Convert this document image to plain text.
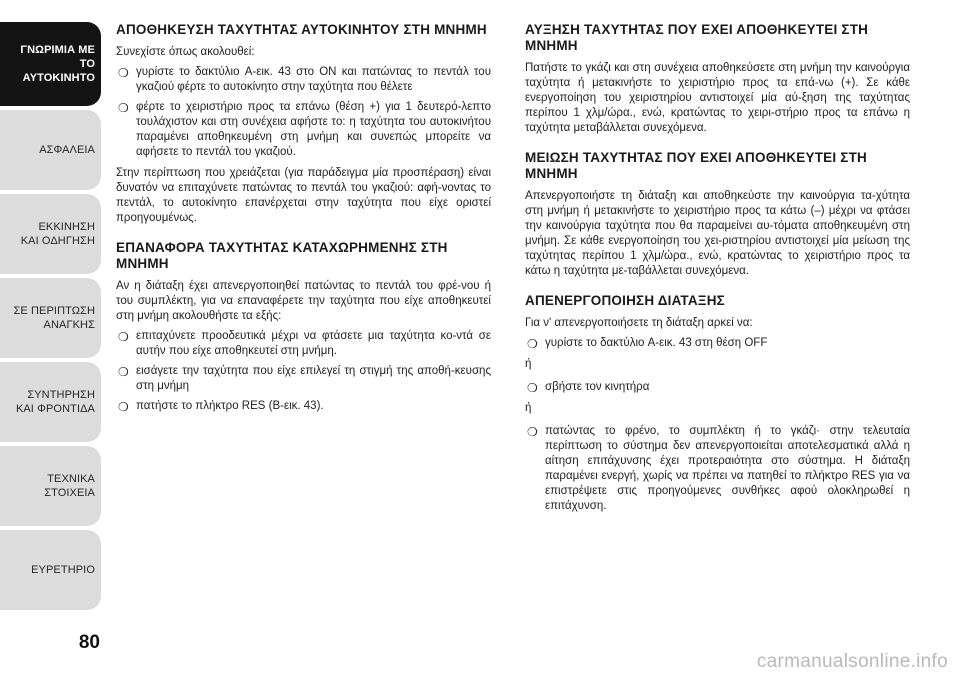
ΓΝΩΡΙΜΙΑ ΜΕ ΤΟ
ΑΥΤΟΚΙΝΗΤΟ
ΑΣΦΑΛΕΙΑ
ΕΚΚΙΝΗΣΗ
ΚΑΙ ΟΔΗΓΗΣΗ
ΣΕ ΠΕΡΙΠΤΩΣΗ
ΑΝΑΓΚΗΣ
ΣΥΝΤΗΡΗΣΗ
ΚΑΙ ΦΡΟΝΤΙΔΑ
ΤΕΧΝΙΚΑ
ΣΤΟΙΧΕΙΑ
ΕΥΡΕΤΗΡΙΟ
80
ΑΠΟΘΗΚΕΥΣΗ ΤΑΧΥΤΗΤΑΣ ΑΥΤΟΚΙΝΗΤΟΥ ΣΤΗ ΜΝΗΜΗ

Συνεχίστε όπως ακολουθεί:

❍ γυρίστε το δακτύλιο A-εικ. 43 στο ON και πατώντας το πεντάλ του γκαζιού φέρτε το αυτοκίνητο στην ταχύτητα που θέλετε
❍ φέρτε το χειριστήριο προς τα επάνω (θέση +) για 1 δευτερό-λεπτο τουλάχιστον και στη συνέχεια αφήστε το: η ταχύτητα του αυτοκινήτου παραμένει αποθηκευμένη στη μνήμη και συνεπώς μπορείτε να αφήσετε το πεντάλ του γκαζιού.

Στην περίπτωση που χρειάζεται (για παράδειγμα μία προσπέραση) είναι δυνατόν να επιταχύνετε πατώντας το πεντάλ του γκαζιού: αφή-νοντας το πεντάλ, το αυτοκίνητο επανέρχεται στην ταχύτητα που είχε οριστεί προηγουμένως.

ΕΠΑΝΑΦΟΡΑ ΤΑΧΥΤΗΤΑΣ ΚΑΤΑΧΩΡΗΜΕΝΗΣ ΣΤΗ ΜΝΗΜΗ

Αν η διάταξη έχει απενεργοποιηθεί πατώντας το πεντάλ του φρέ-νου ή του συμπλέκτη, για να επαναφέρετε την ταχύτητα που είχε αποθηκευτεί στη μνήμη ακολουθήστε τα εξής:

❍ επιταχύνετε προοδευτικά μέχρι να φτάσετε μια ταχύτητα κο-ντά σε αυτήν που είχε αποθηκευτεί στη μνήμη.
❍ εισάγετε την ταχύτητα που είχε επιλεγεί τη στιγμή της αποθή-κευσης στη μνήμη
❍ πατήστε το πλήκτρο RES (B-εικ. 43).
ΑΥΞΗΣΗ ΤΑΧΥΤΗΤΑΣ ΠΟΥ ΕΧΕΙ ΑΠΟΘΗΚΕΥΤΕΙ ΣΤΗ ΜΝΗΜΗ

Πατήστε το γκάζι και στη συνέχεια αποθηκεύσετε στη μνήμη την καινούργια ταχύτητα ή μετακινήστε το χειριστήριο προς τα επά-νω (+). Σε κάθε ενεργοποίηση του χειριστηρίου αντιστοιχεί μία αύ-ξηση της ταχύτητας περίπου 1 χλμ/ώρα., ενώ, κρατώντας το χειρι-στήριο προς τα επάνω η ταχύτητα μεταβάλλεται συνεχόμενα.

ΜΕΙΩΣΗ ΤΑΧΥΤΗΤΑΣ ΠΟΥ ΕΧΕΙ ΑΠΟΘΗΚΕΥΤΕΙ ΣΤΗ ΜΝΗΜΗ

Απενεργοποιήστε τη διάταξη και αποθηκεύστε την καινούργια τα-χύτητα στη μνήμη ή μετακινήστε το χειριστήριο προς τα κάτω (–) μέχρι να φτάσει την καινούργια ταχύτητα που θα παραμείνει αυ-τόματα αποθηκευμένη στη μνήμη. Σε κάθε ενεργοποίηση του χει-ριστηρίου αντιστοιχεί μία μείωση της ταχύτητας περίπου 1 χλμ/ώρα., ενώ, κρατώντας το χειριστήριο προς τα κάτω η ταχύτητα με-ταβάλλεται συνεχόμενα.

ΑΠΕΝΕΡΓΟΠΟΙΗΣΗ ΔΙΑΤΑΞΗΣ

Για ν' απενεργοποιήσετε τη διάταξη αρκεί να:

❍ γυρίστε το δακτύλιο A-εικ. 43 στη θέση OFF

ή

❍ σβήστε τον κινητήρα

ή

❍ πατώντας το φρένο, το συμπλέκτη ή το γκάζι· στην τελευταία περίπτωση το σύστημα δεν απενεργοποιείται αποτελεσματικά αλλά η αίτηση επιτάχυνσης έχει προτεραιότητα στο σύστημα. Η διάταξη παραμένει ενεργή, χωρίς να πρέπει να πατηθεί το πλήκτρο RES για να επιστρέψετε στις προηγούμενες συνθήκες αφού ολοκληρωθεί η επιτάχυνση.
carmanualsonline.info
